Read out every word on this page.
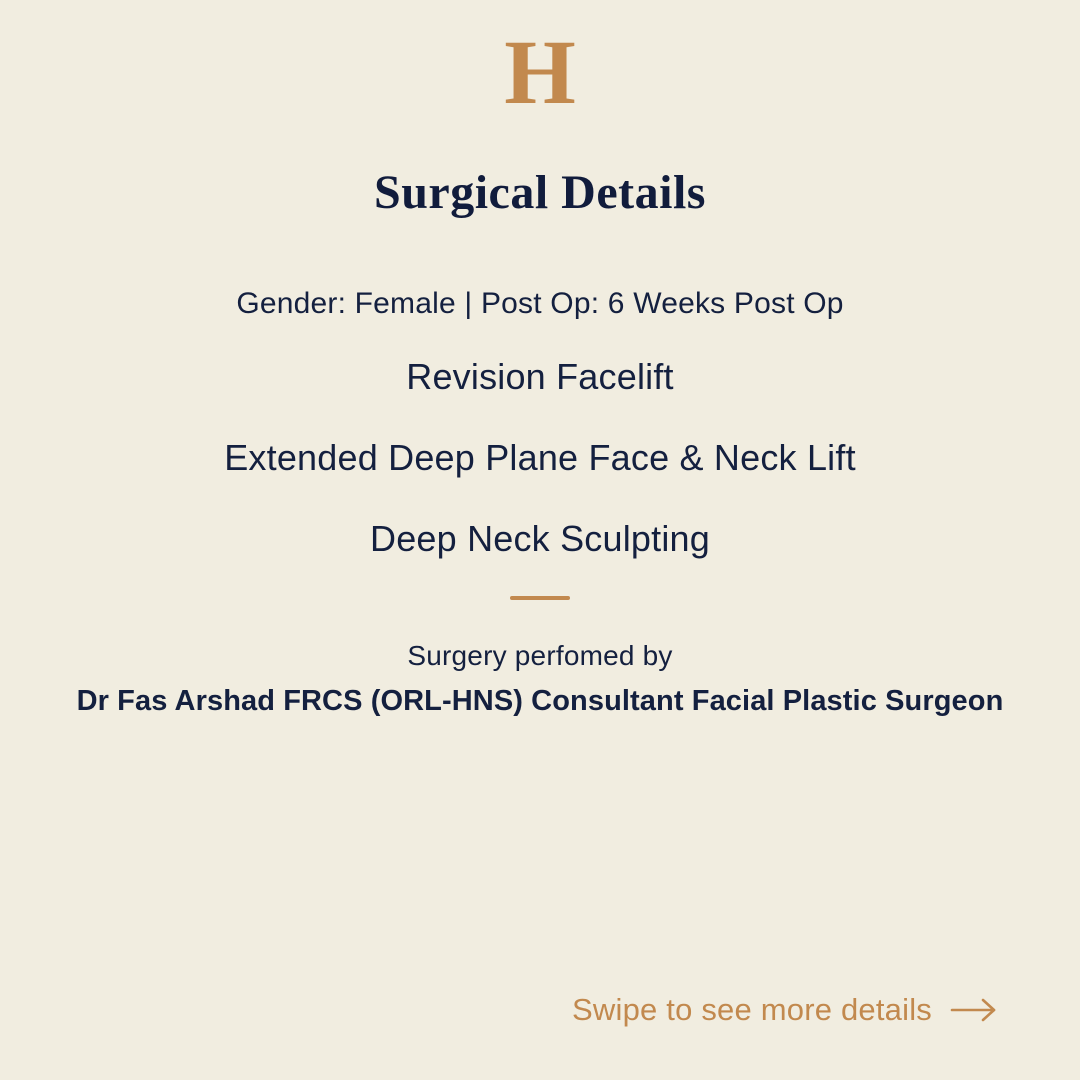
H
Surgical Details
Gender: Female | Post Op: 6 Weeks Post Op
Revision Facelift
Extended Deep Plane Face & Neck Lift
Deep Neck Sculpting
Surgery perfomed by
Dr Fas Arshad FRCS (ORL-HNS) Consultant Facial Plastic Surgeon
Swipe to see more details
